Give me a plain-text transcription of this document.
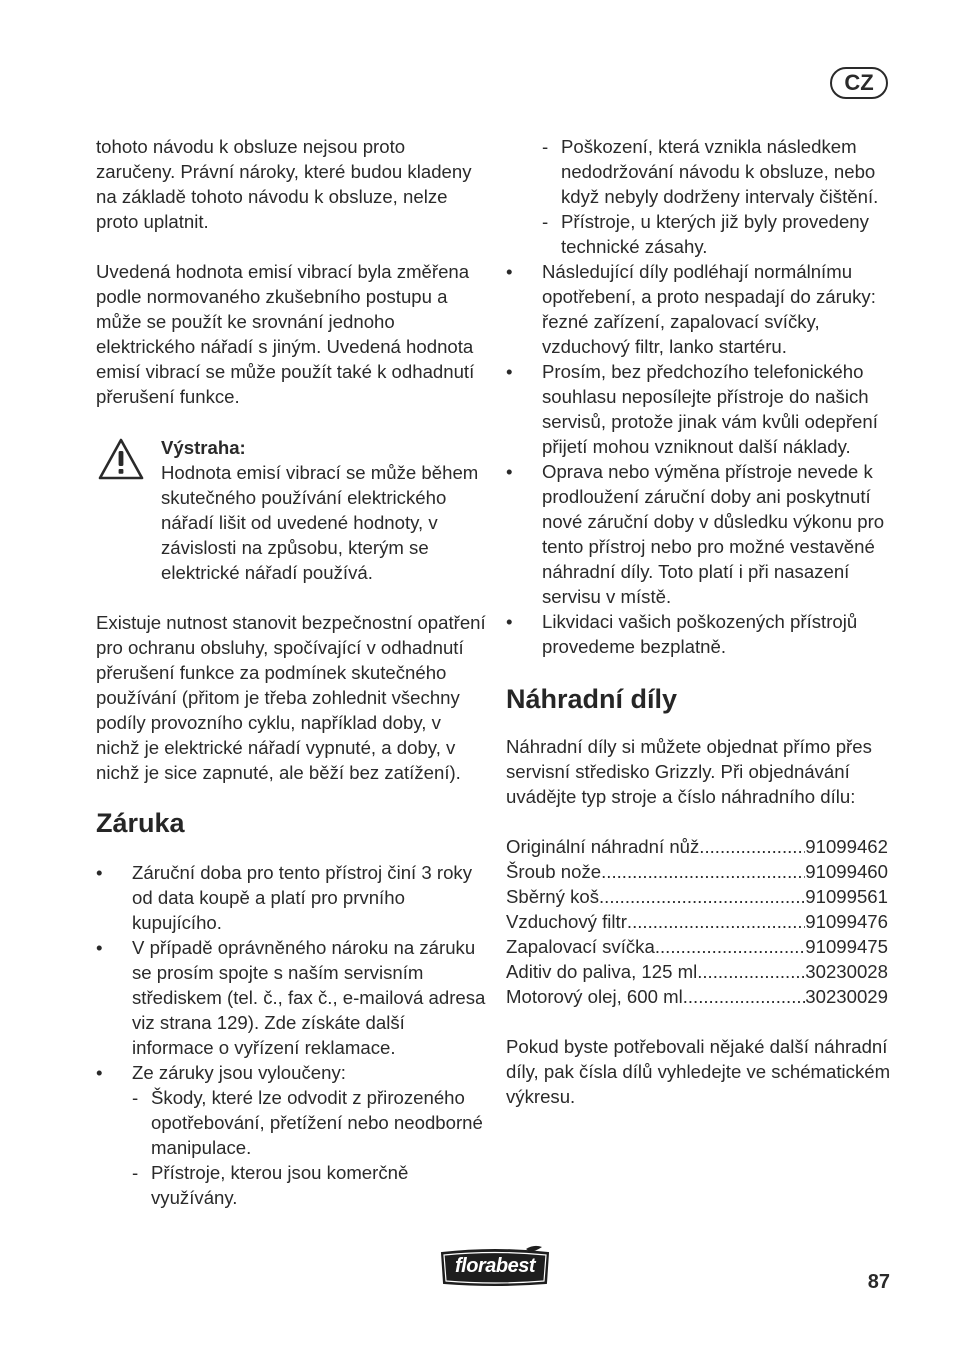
CZ

tohoto návodu k obsluze nejsou proto zaručeny. Právní nároky, které budou kladeny na základě tohoto návodu k obsluze, nelze proto uplatnit.

Uvedená hodnota emisí vibrací byla změřena podle normovaného zkušebního postupu a může se použít ke srovnání jednoho elektrického nářadí s jiným. Uvedená hodnota emisí vibrací se může použít také k odhadnutí přerušení funkce.

Výstraha:

Hodnota emisí vibrací se může během skutečného používání elektrického nářadí lišit od uvedené hodnoty, v závislosti na způsobu, kterým se elektrické nářadí používá.

Existuje nutnost stanovit bezpečnostní opatření pro ochranu obsluhy, spočívající v odhadnutí přerušení funkce za podmínek skutečného používání (přitom je třeba zohlednit všechny podíly provozního cyklu, například doby, v nichž je elektrické nářadí vypnuté, a doby, v nichž je sice zapnuté, ale běží bez zatížení).

Záruka
• Záruční doba pro tento přístroj činí 3 roky od data koupě a platí pro prvního kupujícího.
• V případě oprávněného nároku na záruku se prosím spojte s naším servisním střediskem (tel. č., fax č., e-mailová adresa viz strana 129). Zde získáte další informace o vyřízení reklamace.
• Ze záruky jsou vyloučeny:
- Škody, které lze odvodit z přirozeného opotřebování, přetížení nebo neodborné manipulace.
- Přístroje, kterou jsou komerčně využívány.
- Poškození, která vznikla následkem nedodržování návodu k obsluze, nebo když nebyly dodrženy intervaly čištění.
- Přístroje, u kterých již byly provedeny technické zásahy.
• Následující díly podléhají normálnímu opotřebení, a proto nespadají do záruky: řezné zařízení, zapalovací svíčky, vzduchový filtr, lanko startéru.
• Prosím, bez předchozího telefonického souhlasu neposílejte přístroje do našich servisů, protože jinak vám kvůli odepření přijetí mohou vzniknout další náklady.
• Oprava nebo výměna přístroje nevede k prodloužení záruční doby ani poskytnutí nové záruční doby v důsledku výkonu pro tento přístroj nebo pro možné vestavěné náhradní díly. Toto platí i při nasazení servisu v místě.
• Likvidaci vašich poškozených přístrojů provedeme bezplatně.
Náhradní díly

Náhradní díly si můžete objednat přímo přes servisní středisko Grizzly. Při objednávání uvádějte typ stroje a číslo náhradního dílu:

Originální náhradní nůž .....	91099462
Šroub nože .....	91099460
Sběrný koš .....	91099561
Vzduchový filtr .....	91099476
Zapalovací svíčka .....	91099475
Aditiv do paliva, 125 ml .....	30230028
Motorový olej, 600 ml .....	30230029

Pokud byste potřebovali nějaké další náhradní díly, pak čísla dílů vyhledejte ve schématickém výkresu.

florabest
87
